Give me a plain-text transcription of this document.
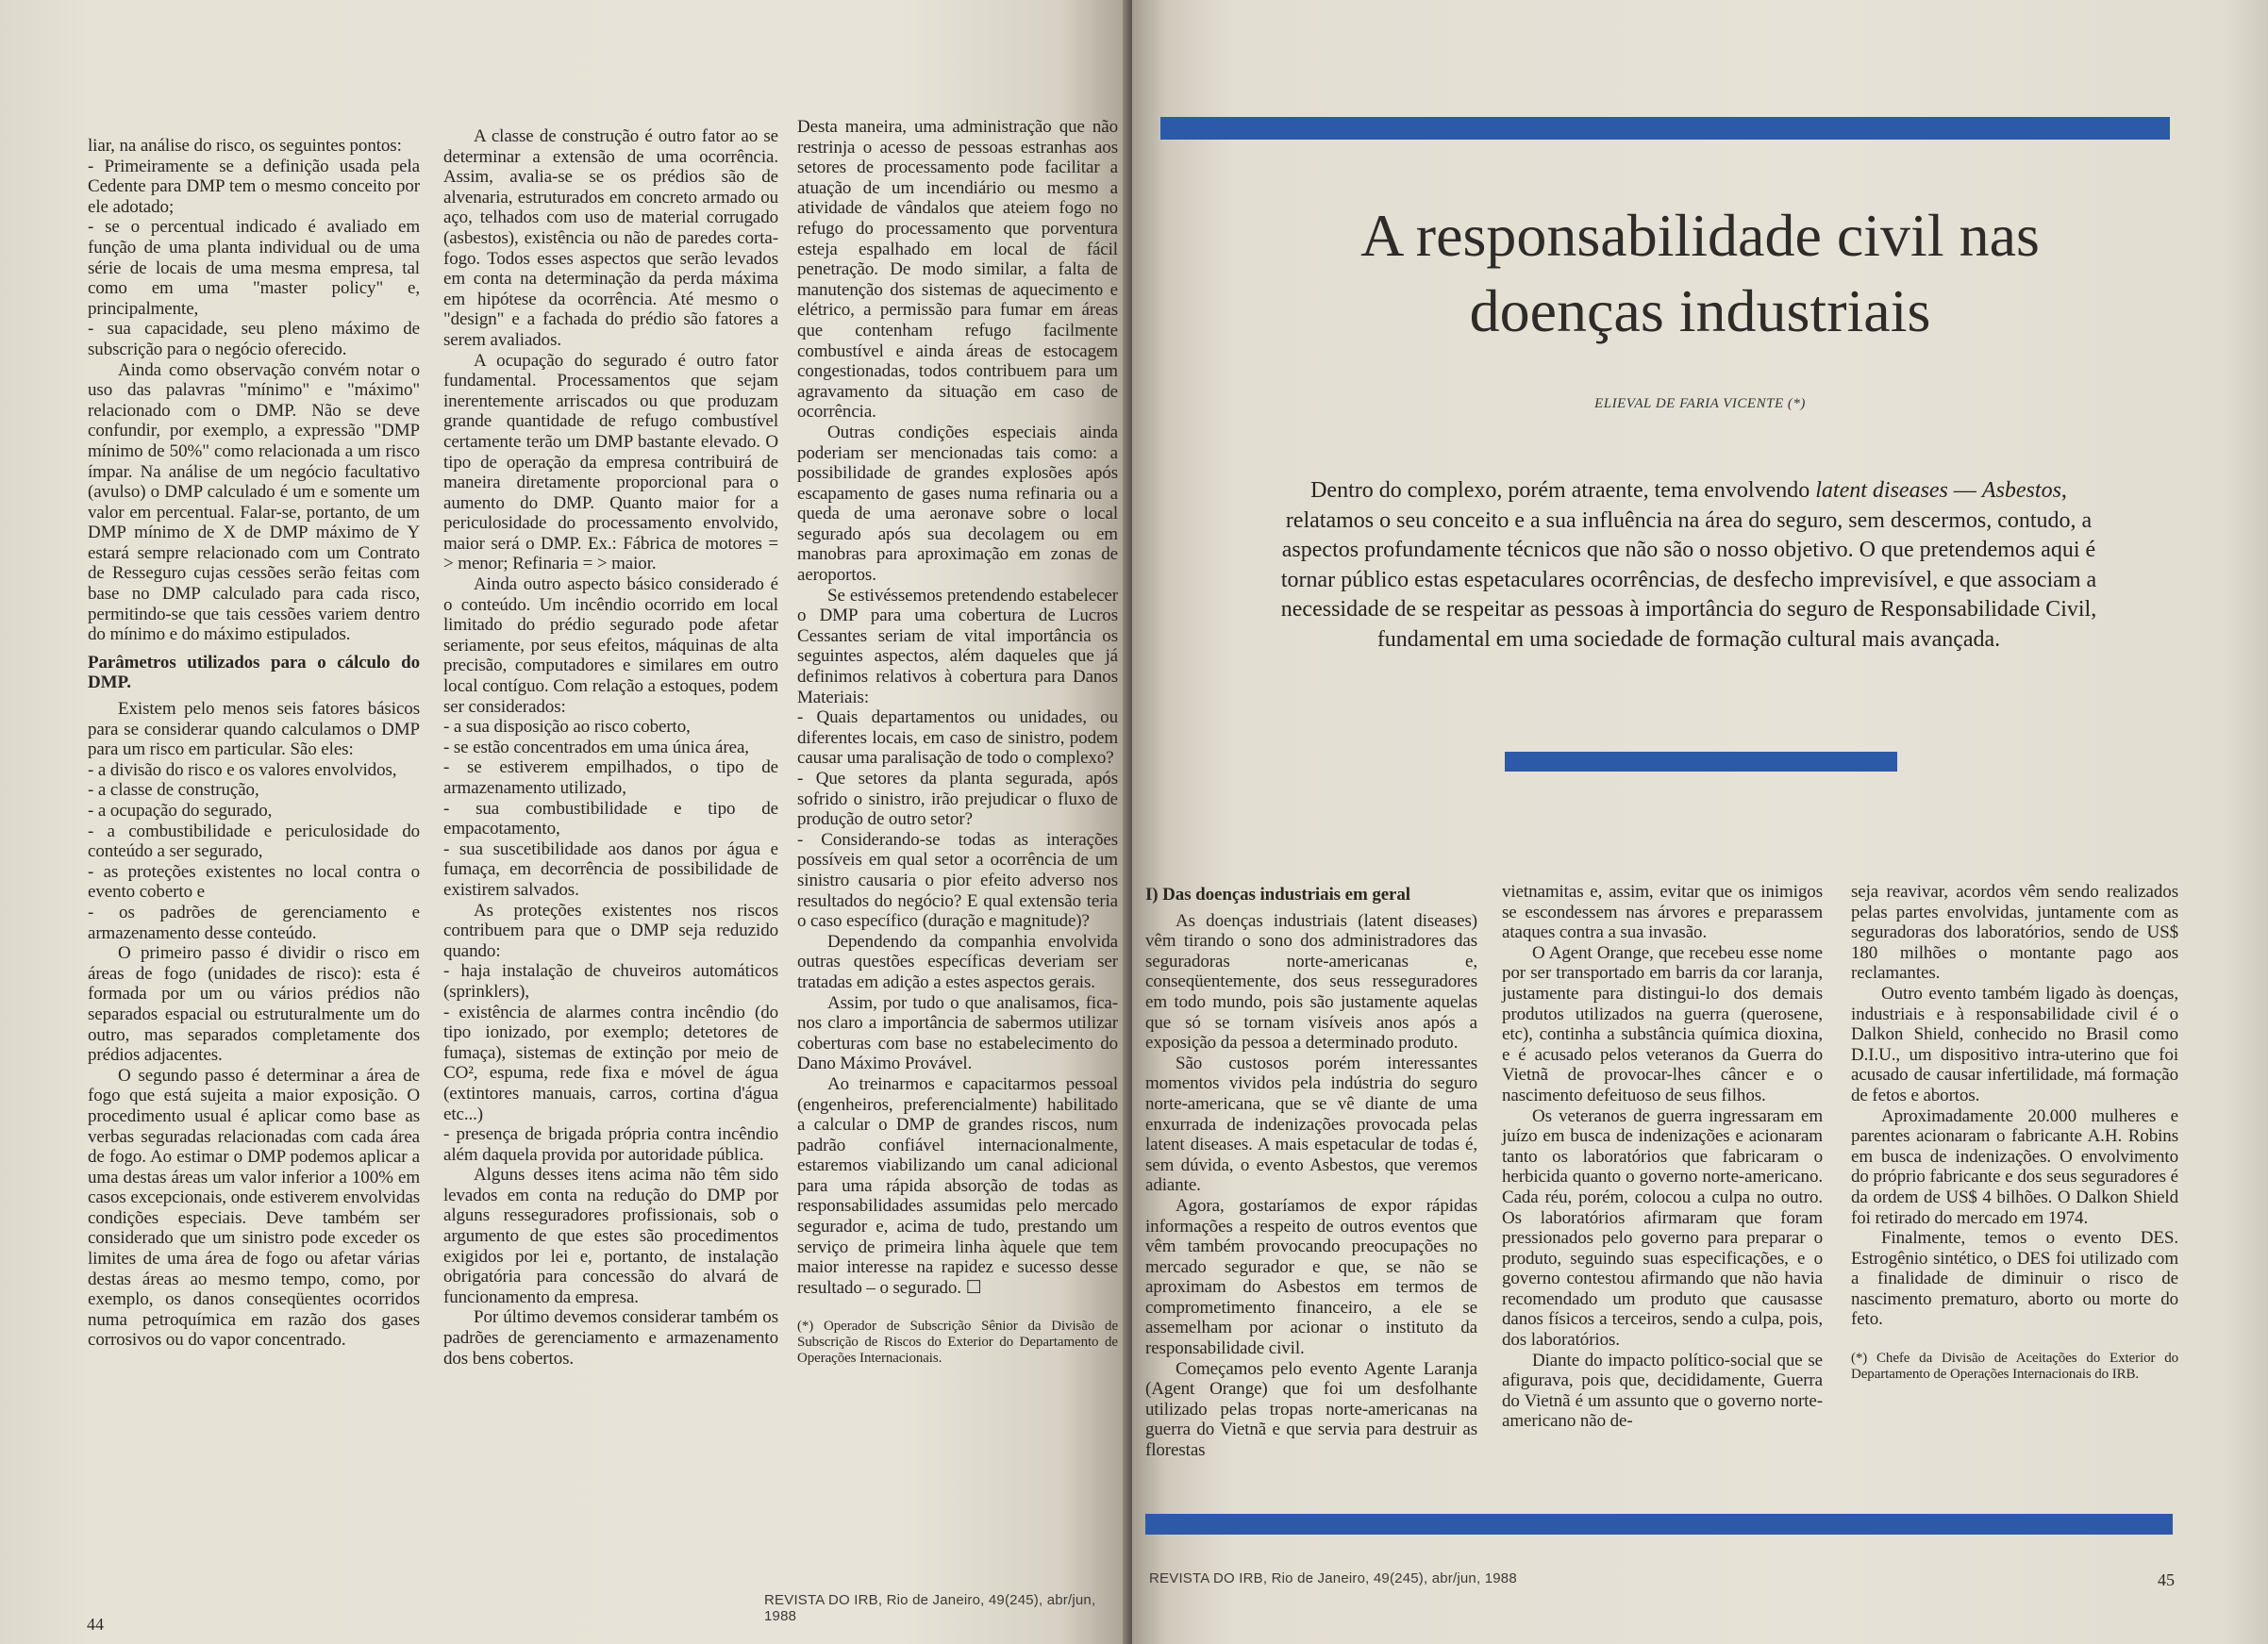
liar, na análise do risco, os seguintes pontos:

- Primeiramente se a definição usada pela Cedente para DMP tem o mesmo conceito por ele adotado;

- se o percentual indicado é avaliado em função de uma planta individual ou de uma série de locais de uma mesma empresa, tal como em uma "master policy" e, principalmente,

- sua capacidade, seu pleno máximo de subscrição para o negócio oferecido.

Ainda como observação convém notar o uso das palavras "mínimo" e "máximo" relacionado com o DMP. Não se deve confundir, por exemplo, a expressão "DMP mínimo de 50%" como relacionada a um risco ímpar. Na análise de um negócio facultativo (avulso) o DMP calculado é um e somente um valor em percentual. Falar-se, portanto, de um DMP mínimo de X de DMP máximo de Y estará sempre relacionado com um Contrato de Resseguro cujas cessões serão feitas com base no DMP calculado para cada risco, permitindo-se que tais cessões variem dentro do mínimo e do máximo estipulados.

Parâmetros utilizados para o cálculo do DMP.

Existem pelo menos seis fatores básicos para se considerar quando calculamos o DMP para um risco em particular. São eles:

- a divisão do risco e os valores envolvidos,

- a classe de construção,

- a ocupação do segurado,

- a combustibilidade e periculosidade do conteúdo a ser segurado,

- as proteções existentes no local contra o evento coberto e

- os padrões de gerenciamento e armazenamento desse conteúdo.

O primeiro passo é dividir o risco em áreas de fogo (unidades de risco): esta é formada por um ou vários prédios não separados espacial ou estruturalmente um do outro, mas separados completamente dos prédios adjacentes.

O segundo passo é determinar a área de fogo que está sujeita a maior exposição. O procedimento usual é aplicar como base as verbas seguradas relacionadas com cada área de fogo. Ao estimar o DMP podemos aplicar a uma destas áreas um valor inferior a 100% em casos excepcionais, onde estiverem envolvidas condições especiais. Deve também ser considerado que um sinistro pode exceder os limites de uma área de fogo ou afetar várias destas áreas ao mesmo tempo, como, por exemplo, os danos conseqüentes ocorridos numa petroquímica em razão dos gases corrosivos ou do vapor concentrado.

A classe de construção é outro fator ao se determinar a extensão de uma ocorrência. Assim, avalia-se se os prédios são de alvenaria, estruturados em concreto armado ou aço, telhados com uso de material corrugado (asbestos), existência ou não de paredes corta-fogo. Todos esses aspectos que serão levados em conta na determinação da perda máxima em hipótese da ocorrência. Até mesmo o "design" e a fachada do prédio são fatores a serem avaliados.

A ocupação do segurado é outro fator fundamental. Processamentos que sejam inerentemente arriscados ou que produzam grande quantidade de refugo combustível certamente terão um DMP bastante elevado. O tipo de operação da empresa contribuirá de maneira diretamente proporcional para o aumento do DMP. Quanto maior for a periculosidade do processamento envolvido, maior será o DMP. Ex.: Fábrica de motores = > menor; Refinaria = > maior.

Ainda outro aspecto básico considerado é o conteúdo. Um incêndio ocorrido em local limitado do prédio segurado pode afetar seriamente, por seus efeitos, máquinas de alta precisão, computadores e similares em outro local contíguo. Com relação a estoques, podem ser considerados:

- a sua disposição ao risco coberto,

- se estão concentrados em uma única área,

- se estiverem empilhados, o tipo de armazenamento utilizado,

- sua combustibilidade e tipo de empacotamento,

- sua suscetibilidade aos danos por água e fumaça, em decorrência de possibilidade de existirem salvados.

As proteções existentes nos riscos contribuem para que o DMP seja reduzido quando:

- haja instalação de chuveiros automáticos (sprinklers),

- existência de alarmes contra incêndio (do tipo ionizado, por exemplo; detetores de fumaça), sistemas de extinção por meio de CO², espuma, rede fixa e móvel de água (extintores manuais, carros, cortina d'água etc...)

- presença de brigada própria contra incêndio além daquela provida por autoridade pública.

Alguns desses itens acima não têm sido levados em conta na redução do DMP por alguns resseguradores profissionais, sob o argumento de que estes são procedimentos exigidos por lei e, portanto, de instalação obrigatória para concessão do alvará de funcionamento da empresa.

Por último devemos considerar também os padrões de gerenciamento e armazenamento dos bens cobertos.

Desta maneira, uma administração que não restrinja o acesso de pessoas estranhas aos setores de processamento pode facilitar a atuação de um incendiário ou mesmo a atividade de vândalos que ateiem fogo no refugo do processamento que porventura esteja espalhado em local de fácil penetração. De modo similar, a falta de manutenção dos sistemas de aquecimento e elétrico, a permissão para fumar em áreas que contenham refugo facilmente combustível e ainda áreas de estocagem congestionadas, todos contribuem para um agravamento da situação em caso de ocorrência.

Outras condições especiais ainda poderiam ser mencionadas tais como: a possibilidade de grandes explosões após escapamento de gases numa refinaria ou a queda de uma aeronave sobre o local segurado após sua decolagem ou em manobras para aproximação em zonas de aeroportos.

Se estivéssemos pretendendo estabelecer o DMP para uma cobertura de Lucros Cessantes seriam de vital importância os seguintes aspectos, além daqueles que já definimos relativos à cobertura para Danos Materiais:

- Quais departamentos ou unidades, ou diferentes locais, em caso de sinistro, podem causar uma paralisação de todo o complexo?

- Que setores da planta segurada, após sofrido o sinistro, irão prejudicar o fluxo de produção de outro setor?

- Considerando-se todas as interações possíveis em qual setor a ocorrência de um sinistro causaria o pior efeito adverso nos resultados do negócio? E qual extensão teria o caso específico (duração e magnitude)?

Dependendo da companhia envolvida outras questões específicas deveriam ser tratadas em adição a estes aspectos gerais.

Assim, por tudo o que analisamos, fica-nos claro a importância de sabermos utilizar coberturas com base no estabelecimento do Dano Máximo Provável.

Ao treinarmos e capacitarmos pessoal (engenheiros, preferencialmente) habilitado a calcular o DMP de grandes riscos, num padrão confiável internacionalmente, estaremos viabilizando um canal adicional para uma rápida absorção de todas as responsabilidades assumidas pelo mercado segurador e, acima de tudo, prestando um serviço de primeira linha àquele que tem maior interesse na rapidez e sucesso desse resultado – o segurado. ☐

(*) Operador de Subscrição Sênior da Divisão de Subscrição de Riscos do Exterior do Departamento de Operações Internacionais.

REVISTA DO IRB, Rio de Janeiro, 49(245), abr/jun, 1988
44
A responsabilidade civil nas
doenças industriais
ELIEVAL DE FARIA VICENTE (*)
Dentro do complexo, porém atraente, tema envolvendo latent diseases — Asbestos, relatamos o seu conceito e a sua influência na área do seguro, sem descermos, contudo, a aspectos profundamente técnicos que não são o nosso objetivo. O que pretendemos aqui é tornar público estas espetaculares ocorrências, de desfecho imprevisível, e que associam a necessidade de se respeitar as pessoas à importância do seguro de Responsabilidade Civil, fundamental em uma sociedade de formação cultural mais avançada.

I) Das doenças industriais em geral

As doenças industriais (latent diseases) vêm tirando o sono dos administradores das seguradoras norte-americanas e, conseqüentemente, dos seus resseguradores em todo mundo, pois são justamente aquelas que só se tornam visíveis anos após a exposição da pessoa a determinado produto.

São custosos porém interessantes momentos vividos pela indústria do seguro norte-americana, que se vê diante de uma enxurrada de indenizações provocada pelas latent diseases. A mais espetacular de todas é, sem dúvida, o evento Asbestos, que veremos adiante.

Agora, gostaríamos de expor rápidas informações a respeito de outros eventos que vêm também provocando preocupações no mercado segurador e que, se não se aproximam do Asbestos em termos de comprometimento financeiro, a ele se assemelham por acionar o instituto da responsabilidade civil.

Começamos pelo evento Agente Laranja (Agent Orange) que foi um desfolhante utilizado pelas tropas norte-americanas na guerra do Vietnã e que servia para destruir as florestas

vietnamitas e, assim, evitar que os inimigos se escondessem nas árvores e preparassem ataques contra a sua invasão.

O Agent Orange, que recebeu esse nome por ser transportado em barris da cor laranja, justamente para distingui-lo dos demais produtos utilizados na guerra (querosene, etc), continha a substância química dioxina, e é acusado pelos veteranos da Guerra do Vietnã de provocar-lhes câncer e o nascimento defeituoso de seus filhos.

Os veteranos de guerra ingressaram em juízo em busca de indenizações e acionaram tanto os laboratórios que fabricaram o herbicida quanto o governo norte-americano. Cada réu, porém, colocou a culpa no outro. Os laboratórios afirmaram que foram pressionados pelo governo para preparar o produto, seguindo suas especificações, e o governo contestou afirmando que não havia recomendado um produto que causasse danos físicos a terceiros, sendo a culpa, pois, dos laboratórios.

Diante do impacto político-social que se afigurava, pois que, decididamente, Guerra do Vietnã é um assunto que o governo norte-americano não de-

seja reavivar, acordos vêm sendo realizados pelas partes envolvidas, juntamente com as seguradoras dos laboratórios, sendo de US$ 180 milhões o montante pago aos reclamantes.

Outro evento também ligado às doenças, industriais e à responsabilidade civil é o Dalkon Shield, conhecido no Brasil como D.I.U., um dispositivo intra-uterino que foi acusado de causar infertilidade, má formação de fetos e abortos.

Aproximadamente 20.000 mulheres e parentes acionaram o fabricante A.H. Robins em busca de indenizações. O envolvimento do próprio fabricante e dos seus seguradores é da ordem de US$ 4 bilhões. O Dalkon Shield foi retirado do mercado em 1974.

Finalmente, temos o evento DES. Estrogênio sintético, o DES foi utilizado com a finalidade de diminuir o risco de nascimento prematuro, aborto ou morte do feto.

(*) Chefe da Divisão de Aceitações do Exterior do Departamento de Operações Internacionais do IRB.

REVISTA DO IRB, Rio de Janeiro, 49(245), abr/jun, 1988	45
